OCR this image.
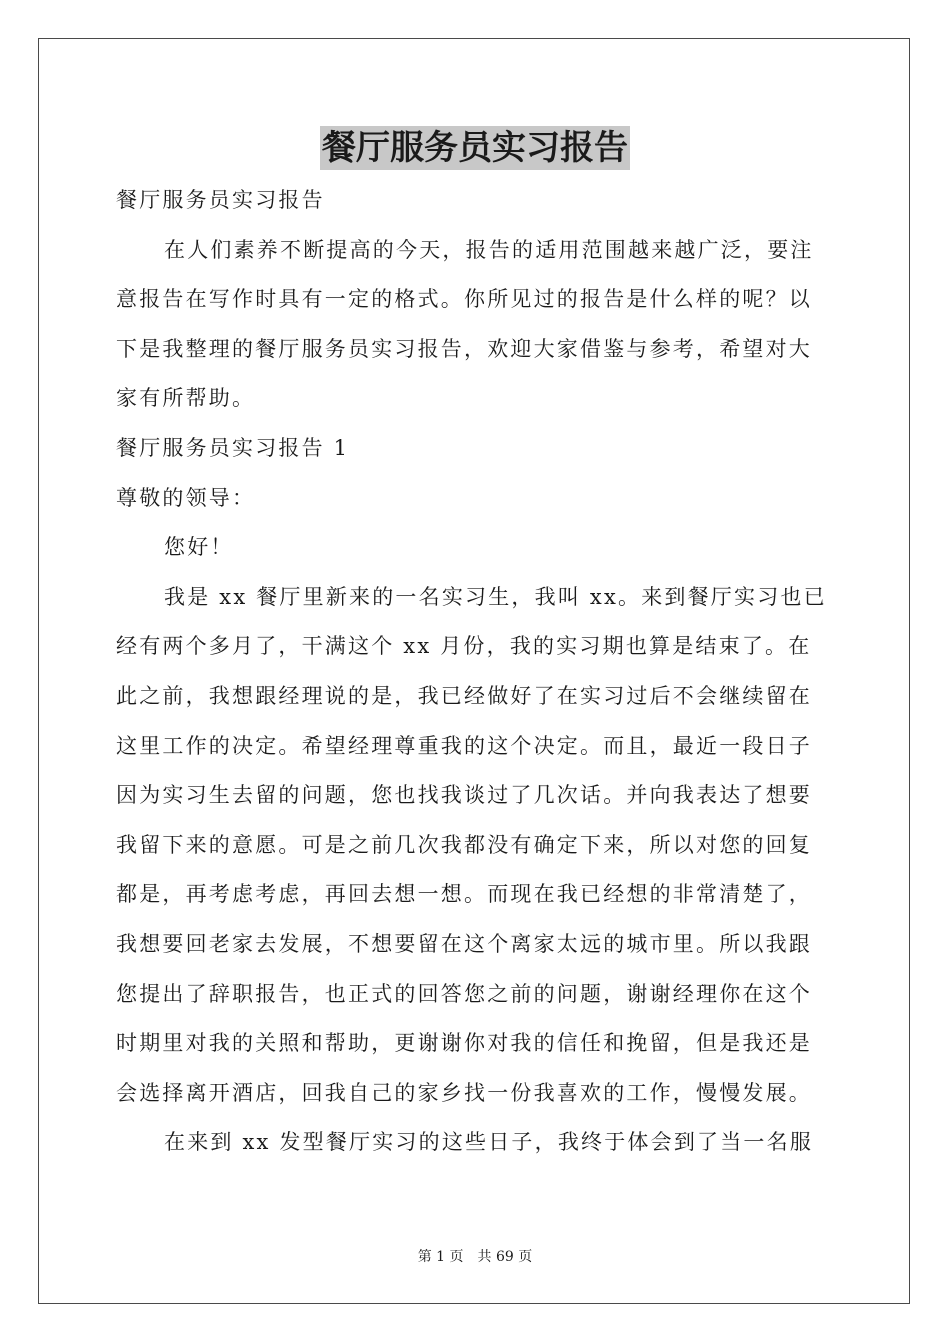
餐厅服务员实习报告
餐厅服务员实习报告
在人们素养不断提高的今天，报告的适用范围越来越广泛，要注
意报告在写作时具有一定的格式。你所见过的报告是什么样的呢？以
下是我整理的餐厅服务员实习报告，欢迎大家借鉴与参考，希望对大
家有所帮助。
餐厅服务员实习报告 1
尊敬的领导：
您好！
我是 xx 餐厅里新来的一名实习生，我叫 xx。来到餐厅实习也已
经有两个多月了，干满这个 xx 月份，我的实习期也算是结束了。在
此之前，我想跟经理说的是，我已经做好了在实习过后不会继续留在
这里工作的决定。希望经理尊重我的这个决定。而且，最近一段日子
因为实习生去留的问题，您也找我谈过了几次话。并向我表达了想要
我留下来的意愿。可是之前几次我都没有确定下来，所以对您的回复
都是，再考虑考虑，再回去想一想。而现在我已经想的非常清楚了，
我想要回老家去发展，不想要留在这个离家太远的城市里。所以我跟
您提出了辞职报告，也正式的回答您之前的问题，谢谢经理你在这个
时期里对我的关照和帮助，更谢谢你对我的信任和挽留，但是我还是
会选择离开酒店，回我自己的家乡找一份我喜欢的工作，慢慢发展。
在来到 xx 发型餐厅实习的这些日子，我终于体会到了当一名服
第 1 页　共 69 页
